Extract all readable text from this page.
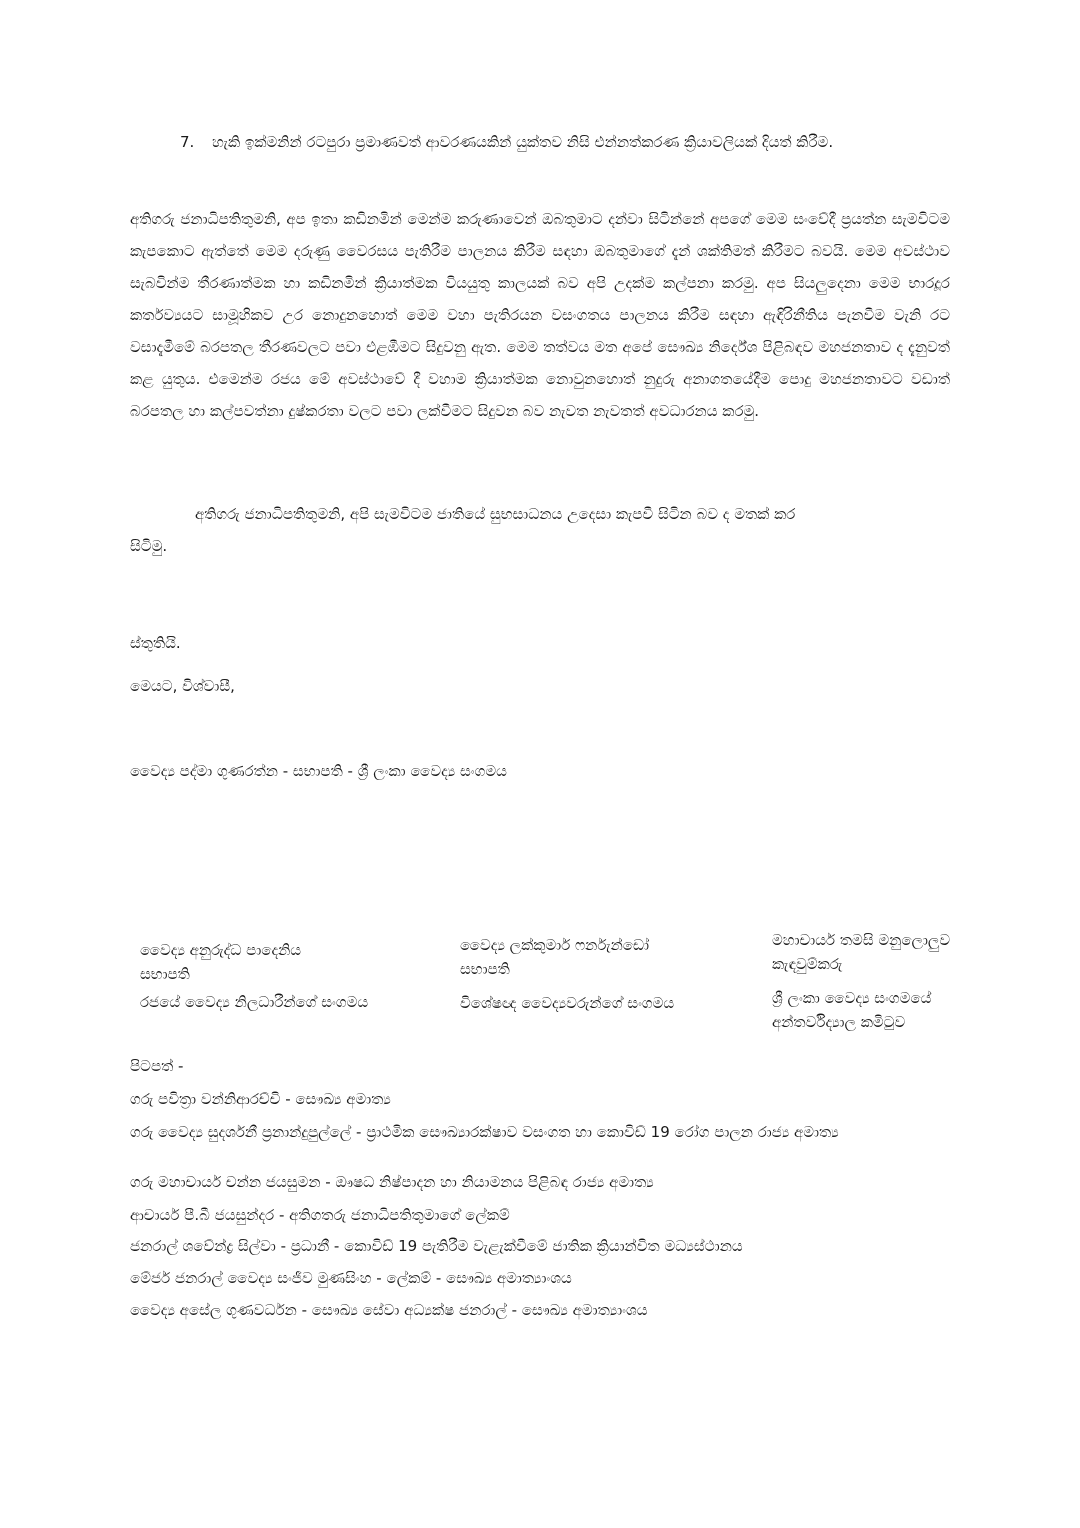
7. හැකි ඉක්මනින් රටපුරා ප්‍රමාණවත් ආවරණයකින් යුක්තව නිසි එන්නත්කරණ ක්‍රියාවලියක් දියත් කිරීම.
අතිගරු ජනාධිපතිතුමනි, අප ඉතා කඩිනමින් මෙන්ම කරුණාවෙන් ඔබතුමාට දන්වා සිටින්නේ අපගේ මෙම සංවේදී ප්‍රයත්න සැමවිටම කැපකොට ඇත්තේ මෙම දරුණු වෛරසය පැතිරීම පාලනය කිරීම සඳහා ඔබතුමාගේ දැන් ශක්තිමත් කිරීමට බවයි. මෙම අවස්ථාව සැබවින්ම තීරණාත්මක හා කඩිනමින් ක්‍රියාත්මක වියයුතු කාලයක් බව අපි උදක්ම කල්පනා කරමු. අප සියලුදෙනා මෙම භාරදූර කර්තව්‍යයට සාමූහිකව උර නොදුනහොත් මෙම වහා පැතිරයන වසංගතය පාලනය කිරීම සඳහා ඇඳිරිනීතිය පැනවීම වැනි රට වසාදැමීමේ බරපතල තීරණවලට පවා එළඹීමට සිදුවනු ඇත. මෙම තත්වය මත අපේ සෞඛ්‍ය නිර්දේශ පිළිබඳව මහජනතාව ද දැනුවත් කළ යුතුය. එමෙන්ම රජය මේ අවස්ථාවේ දී වහාම ක්‍රියාත්මක නොවුනහොත් නුදුරු අනාගතයේදීම පොදු මහජනතාවට වඩාත් බරපතල හා කල්පවත්නා දුෂ්කරතා වලට පවා ලක්වීමට සිදුවන බව නැවත නැවතත් අවධාරනය කරමු.
අතිගරු ජනාධිපතිතුමනි, අපි සැමවිටම ජාතියේ සුභසාධනය උදෙසා කැපවී සිටින බව ද මතක් කර
සිටිමු.
ස්තුතියි.
මෙයට, විශ්වාසී,
වෛද්‍ය පද්මා ගුණරත්න - සභාපති - ශ්‍රී ලංකා වෛද්‍ය සංගමය
වෛද්‍ය අනුරුද්ධ පාදෙනිය
සභාපති
වෛද්‍ය ලක්කුමාර් ෆර්නැන්ඩෝ
සභාපති
මහාචාර්ය තමසි මනුලොලුව
කැඳවුම්කරු
රජයේ වෛද්‍ය නිලධාරීන්ගේ සංගමය	විශේෂඥ වෛද්‍යවරුන්ගේ සංගමය	ශ්‍රී ලංකා වෛද්‍ය සංගමයේ
අන්තර්විද්‍යාල කමිටුව
පිටපත් -
ගරු පවිත්‍රා වන්නිආරච්චි - සෞඛ්‍ය අමාත්‍ය
ගරු වෛද්‍ය සුදර්ශනී ප්‍රනාන්දුපුල්ලේ - ප්‍රාථමික සෞඛ්‍යාරක්ෂාව වසංගත හා කොවිඩ් 19 රෝග පාලන රාජ්‍ය අමාත්‍ය
ගරු මහාචාර්ය චන්න ජයසුමන - ඖෂධ නිෂ්පාදන හා නියාමනය පිළිබඳ රාජ්‍ය අමාත්‍ය
ආචාර්ය පී.බී ජයසුන්දර - අතිගතරු ජනාධිපතිතුමාගේ ලේකම්
ජනරාල් ශවේන්ද්‍ර සිල්වා - ප්‍රධානී - කොවිඩ් 19 පැතිරීම වැළැක්වීමේ ජාතික ක්‍රියාන්විත මධ්‍යස්ථානය
මේජර් ජනරාල් වෛද්‍ය සංජීව මුණසිංහ - ලේකම් - සෞඛ්‍ය අමාත්‍යාංශය
වෛද්‍ය අසේල ගුණවර්ධන - සෞඛ්‍ය සේවා අධ්‍යක්ෂ ජනරාල් - සෞඛ්‍ය අමාත්‍යාංශය
